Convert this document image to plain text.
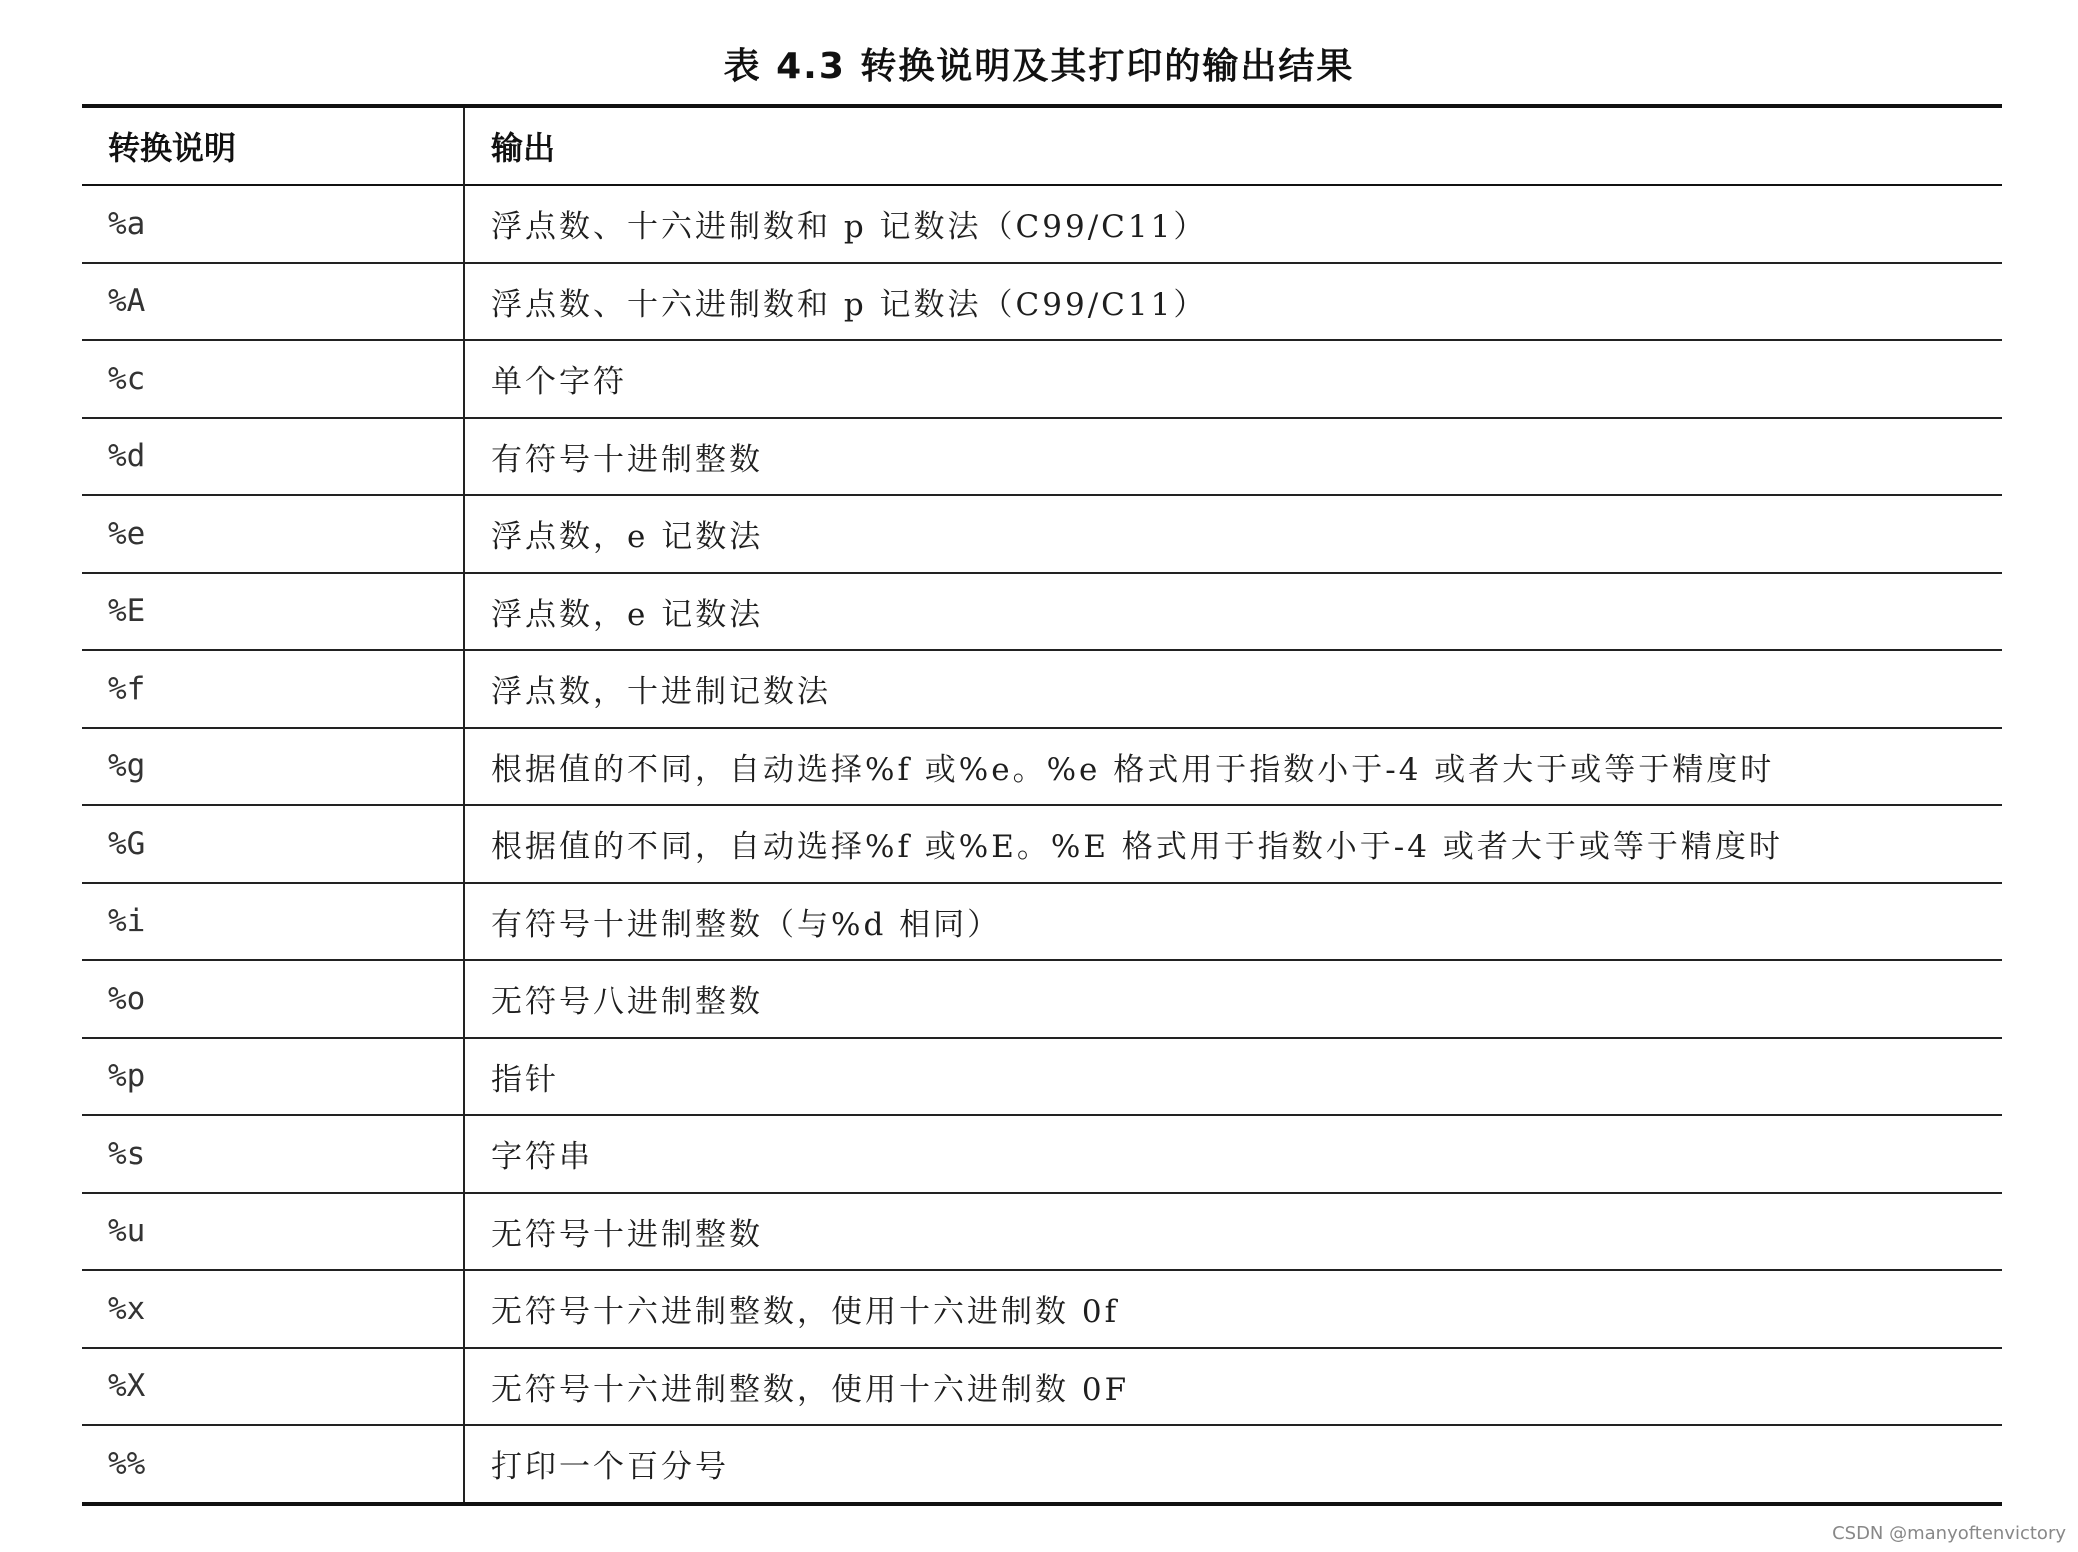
表 4.3 转换说明及其打印的输出结果
转换说明	输出
%a	浮点数、十六进制数和 p 记数法（C99/C11）
%A	浮点数、十六进制数和 p 记数法（C99/C11）
%c	单个字符
%d	有符号十进制整数
%e	浮点数，e 记数法
%E	浮点数，e 记数法
%f	浮点数，十进制记数法
%g	根据值的不同，自动选择%f 或%e。%e 格式用于指数小于-4 或者大于或等于精度时
%G	根据值的不同，自动选择%f 或%E。%E 格式用于指数小于-4 或者大于或等于精度时
%i	有符号十进制整数（与%d 相同）
%o	无符号八进制整数
%p	指针
%s	字符串
%u	无符号十进制整数
%x	无符号十六进制整数，使用十六进制数 0f
%X	无符号十六进制整数，使用十六进制数 0F
%%	打印一个百分号
CSDN @manyoftenvictory
